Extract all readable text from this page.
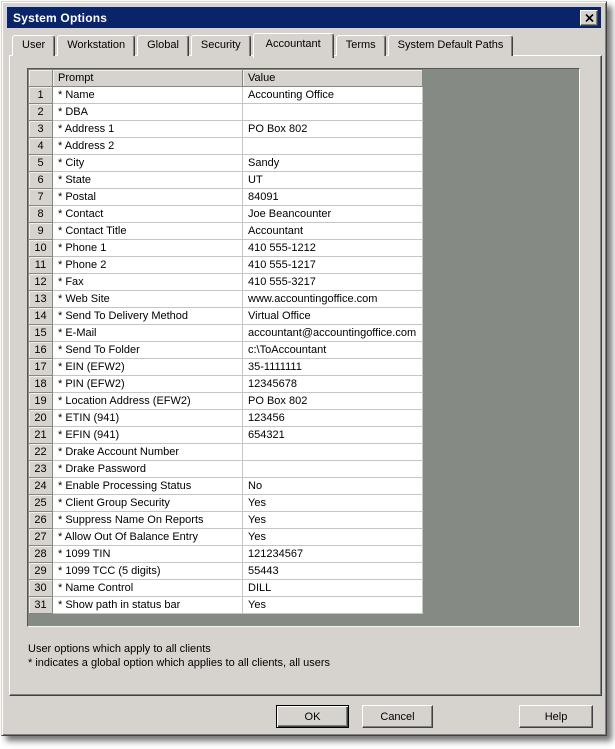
System Options
User	Workstation	Global	Security	Accountant	Terms	System Default Paths
	Prompt	Value
1	* Name	Accounting Office
2	* DBA	
3	* Address 1	PO Box 802
4	* Address 2	
5	* City	Sandy
6	* State	UT
7	* Postal	84091
8	* Contact	Joe Beancounter
9	* Contact Title	Accountant
10	* Phone 1	410 555-1212
11	* Phone 2	410 555-1217
12	* Fax	410 555-3217
13	* Web Site	www.accountingoffice.com
14	* Send To Delivery Method	Virtual Office
15	* E-Mail	accountant@accountingoffice.com
16	* Send To Folder	c:\ToAccountant
17	* EIN (EFW2)	35-1111111
18	* PIN (EFW2)	12345678
19	* Location Address (EFW2)	PO Box 802
20	* ETIN (941)	123456
21	* EFIN (941)	654321
22	* Drake Account Number	
23	* Drake Password	
24	* Enable Processing Status	No
25	* Client Group Security	Yes
26	* Suppress Name On Reports	Yes
27	* Allow Out Of Balance Entry	Yes
28	* 1099 TIN	121234567
29	* 1099 TCC (5 digits)	55443
30	* Name Control	DILL
31	* Show path in status bar	Yes
User options which apply to all clients
* indicates a global option which applies to all clients, all users
OK	Cancel	Help
